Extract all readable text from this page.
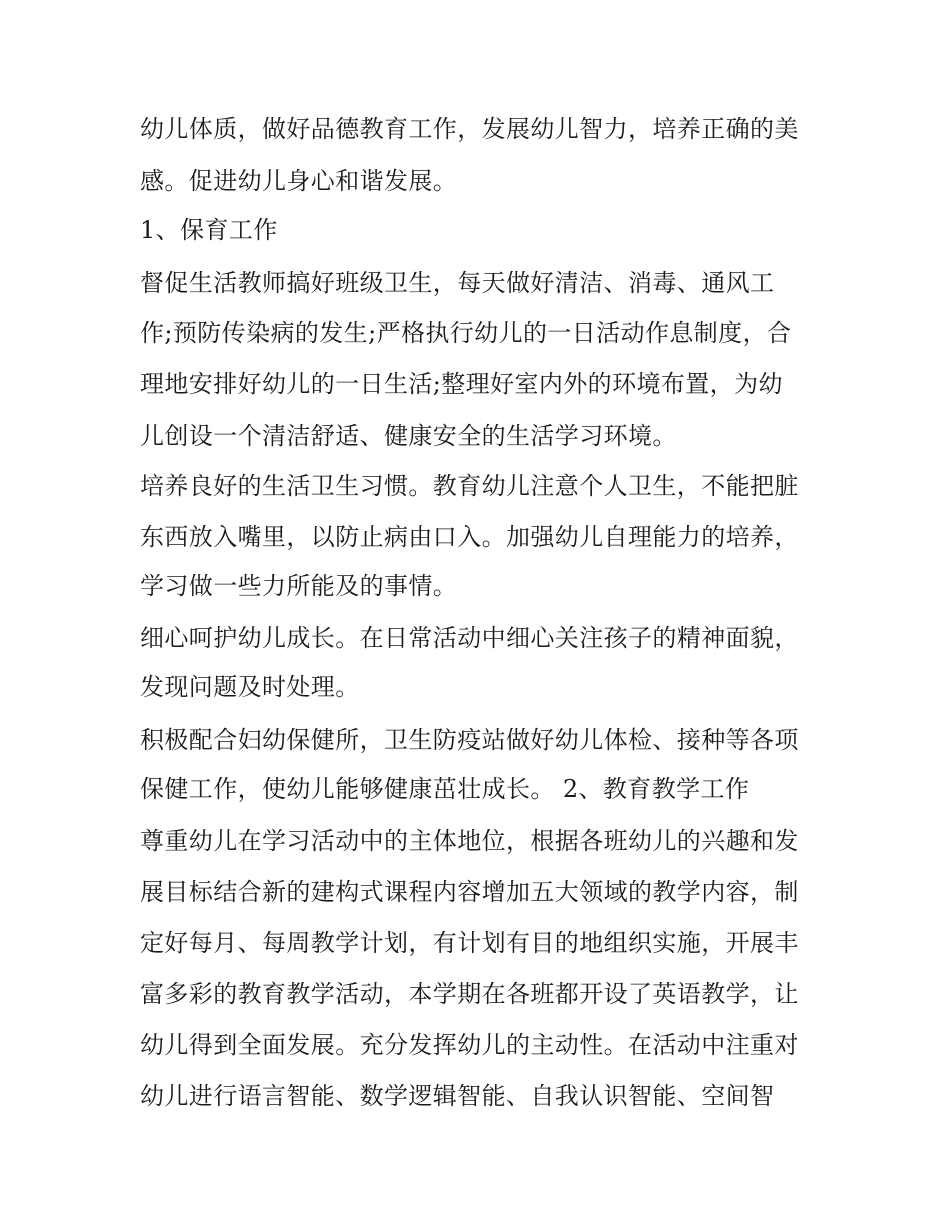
幼儿体质，做好品德教育工作，发展幼儿智力，培养正确的美

感。促进幼儿身心和谐发展。

1、保育工作

督促生活教师搞好班级卫生，每天做好清洁、消毒、通风工

作;预防传染病的发生;严格执行幼儿的一日活动作息制度，合

理地安排好幼儿的一日生活;整理好室内外的环境布置，为幼

儿创设一个清洁舒适、健康安全的生活学习环境。

培养良好的生活卫生习惯。教育幼儿注意个人卫生，不能把脏

东西放入嘴里，以防止病由口入。加强幼儿自理能力的培养，

学习做一些力所能及的事情。

细心呵护幼儿成长。在日常活动中细心关注孩子的精神面貌，

发现问题及时处理。

积极配合妇幼保健所，卫生防疫站做好幼儿体检、接种等各项

保健工作，使幼儿能够健康茁壮成长。 2、教育教学工作

尊重幼儿在学习活动中的主体地位，根据各班幼儿的兴趣和发

展目标结合新的建构式课程内容增加五大领域的教学内容，制

定好每月、每周教学计划，有计划有目的地组织实施，开展丰

富多彩的教育教学活动，本学期在各班都开设了英语教学，让

幼儿得到全面发展。充分发挥幼儿的主动性。在活动中注重对

幼儿进行语言智能、数学逻辑智能、自我认识智能、空间智
